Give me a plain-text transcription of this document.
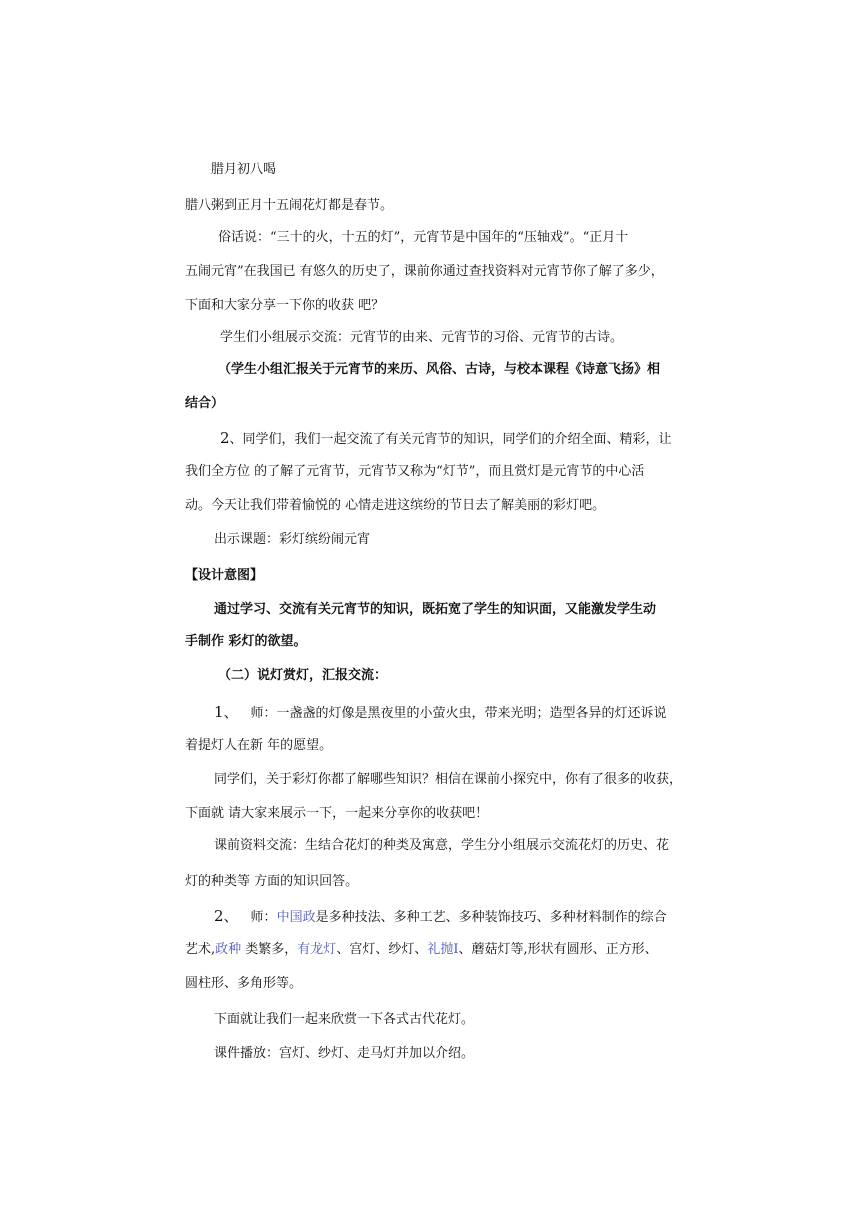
腊月初八喝
腊八粥到正月十五闹花灯都是春节。
俗话说：“三十的火，十五的灯”，元宵节是中国年的“压轴戏”。“正月十
五闹元宵”在我国已 有悠久的历史了，课前你通过查找资料对元宵节你了解了多少，
下面和大家分享一下你的收获 吧？
学生们小组展示交流：元宵节的由来、元宵节的习俗、元宵节的古诗。
（学生小组汇报关于元宵节的来历、风俗、古诗，与校本课程《诗意飞扬》相
结合）
2、同学们，我们一起交流了有关元宵节的知识，同学们的介绍全面、精彩，让
我们全方位 的了解了元宵节，元宵节又称为“灯节”，而且赏灯是元宵节的中心活
动。今天让我们带着愉悦的 心情走进这缤纷的节日去了解美丽的彩灯吧。
出示课题：彩灯缤纷闹元宵
【设计意图】
通过学习、交流有关元宵节的知识，既拓宽了学生的知识面，又能激发学生动
手制作 彩灯的欲望。
（二）说灯赏灯，汇报交流：
1、 师：一盏盏的灯像是黑夜里的小萤火虫，带来光明；造型各异的灯还诉说
着提灯人在新 年的愿望。
同学们，关于彩灯你都了解哪些知识？相信在课前小探究中，你有了很多的收获，
下面就 请大家来展示一下，一起来分享你的收获吧！
课前资料交流：生结合花灯的种类及寓意，学生分小组展示交流花灯的历史、花
灯的种类等 方面的知识回答。
2、 师：中国政是多种技法、多种工艺、多种装饰技巧、多种材料制作的综合
艺术,政种 类繁多，有龙灯、宫灯、纱灯、礼抛I、蘑菇灯等,形状有圆形、正方形、
圆柱形、多角形等。
下面就让我们一起来欣赏一下各式古代花灯。
课件播放：宫灯、纱灯、走马灯并加以介绍。
